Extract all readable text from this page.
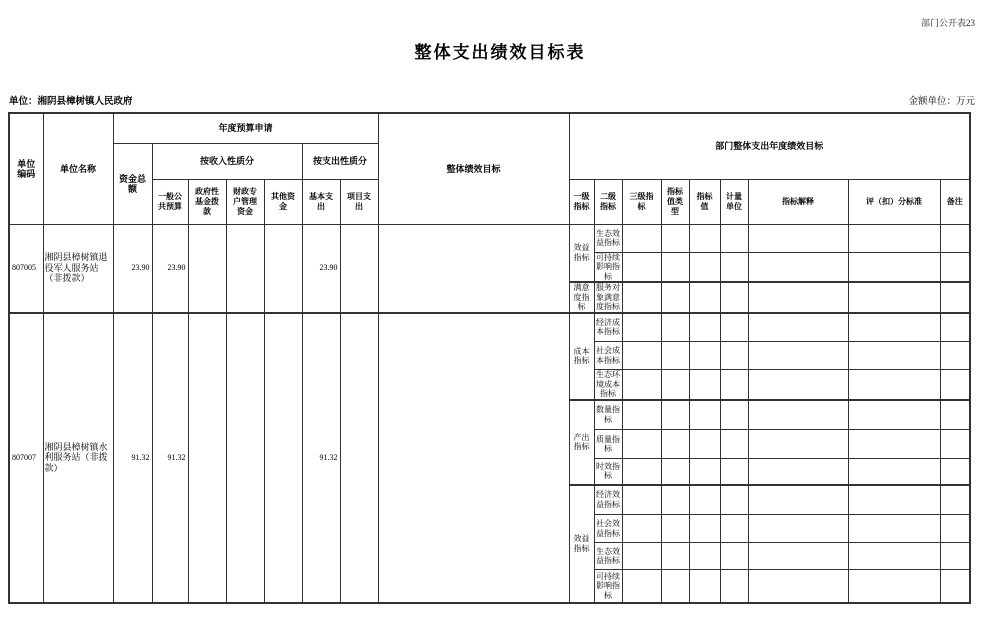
部门公开表23
整体支出绩效目标表
单位：湘阴县樟树镇人民政府	金额单位：万元
单位编码	单位名称	年度预算申请							整体绩效目标	部门整体支出年度绩效目标								
		资金总额	按收入性质分				按支出性质分											
			一般公共预算	政府性基金拨款	财政专户管理资金	其他资金	基本支出	项目支出		一级指标	二级指标	三级指标	指标值类型	指标值	计量单位	指标解释	评（扣）分标准	备注
807005	湘阴县樟树镇退役军人服务站（非拨款）	23.90	23.90				23.90			效益指标	生态效益指标							
											可持续影响指标							
										满意度指标	服务对象满意度指标							
807007	湘阴县樟树镇水利服务站（非拨款）	91.32	91.32				91.32			成本指标	经济成本指标							
											社会成本指标							
											生态环境成本指标							
										产出指标	数量指标							
											质量指标							
											时效指标							
										效益指标	经济效益指标							
											社会效益指标							
											生态效益指标							
											可持续影响指标							
